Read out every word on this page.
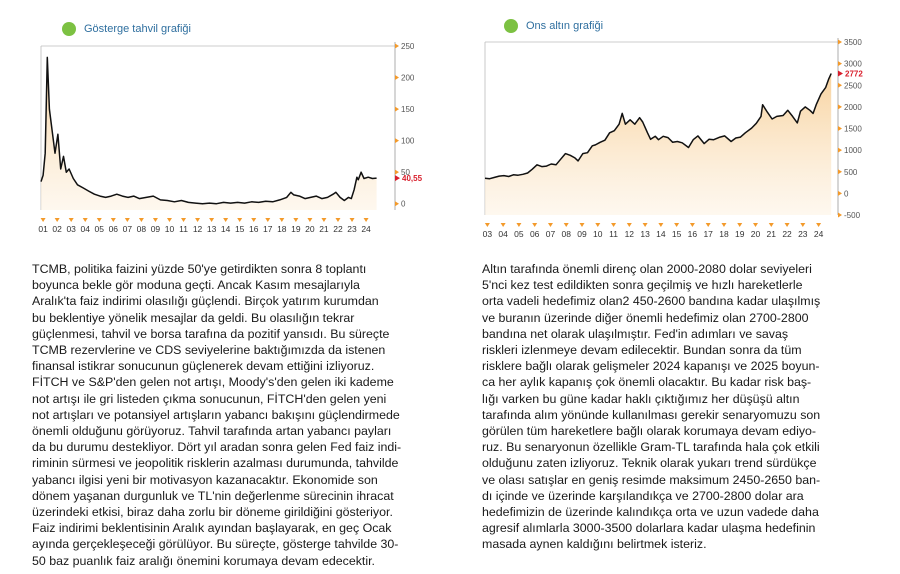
Gösterge tahvil grafiği
250
200
150
100
50
0
40,55
01 02 03 04 05 06 07 08 09 10 11 12 13 14 15 16 17 18 19 20 21 22 23 24

TCMB, politika faizini yüzde 50'ye getirdikten sonra 8 toplantı
boyunca bekle gör moduna geçti. Ancak Kasım mesajlarıyla
Aralık'ta faiz indirimi olasılığı güçlendi. Birçok yatırım kurumdan
bu beklentiye yönelik mesajlar da geldi. Bu olasılığın tekrar
güçlenmesi, tahvil ve borsa tarafına da pozitif yansıdı. Bu süreçte
TCMB rezervlerine ve CDS seviyelerine baktığımızda da istenen
finansal istikrar sonucunun güçlenerek devam ettiğini izliyoruz.
FİTCH ve S&P'den gelen not artışı, Moody's'den gelen iki kademe
not artışı ile gri listeden çıkma sonucunun, FİTCH'den gelen yeni
not artışları ve potansiyel artışların yabancı bakışını güçlendirmede
önemli olduğunu görüyoruz. Tahvil tarafında artan yabancı payları
da bu durumu destekliyor. Dört yıl aradan sonra gelen Fed faiz indi-
riminin sürmesi ve jeopolitik risklerin azalması durumunda, tahvilde
yabancı ilgisi yeni bir motivasyon kazanacaktır. Ekonomide son
dönem yaşanan durgunluk ve TL'nin değerlenme sürecinin ihracat
üzerindeki etkisi, biraz daha zorlu bir döneme girildiğini gösteriyor.
Faiz indirimi beklentisinin Aralık ayından başlayarak, en geç Ocak
ayında gerçekleşeceği görülüyor. Bu süreçte, gösterge tahvilde 30-
50 baz puanlık faiz aralığı önemini korumaya devam edecektir.

Ons altın grafiği
3500
3000
2500
2000
1500
1000
500
0
-500
2772
03 04 05 06 07 08 09 10 11 12 13 14 15 16 17 18 19 20 21 22 23 24

Altın tarafında önemli direnç olan 2000-2080 dolar seviyeleri
5'nci kez test edildikten sonra geçilmiş ve hızlı hareketlerle
orta vadeli hedefimiz olan2 450-2600 bandına kadar ulaşılmış
ve buranın üzerinde diğer önemli hedefimiz olan 2700-2800
bandına net olarak ulaşılmıştır. Fed'in adımları ve savaş
riskleri izlenmeye devam edilecektir. Bundan sonra da tüm
risklere bağlı olarak gelişmeler 2024 kapanışı ve 2025 boyun-
ca her aylık kapanış çok önemli olacaktır. Bu kadar risk baş-
lığı varken bu güne kadar haklı çıktığımız her düşüşü altın
tarafında alım yönünde kullanılması gerekir senaryomuzu son
görülen tüm hareketlere bağlı olarak korumaya devam ediyo-
ruz. Bu senaryonun özellikle Gram-TL tarafında hala çok etkili
olduğunu zaten izliyoruz. Teknik olarak yukarı trend sürdükçe
ve olası satışlar en geniş resimde maksimum 2450-2650 ban-
dı içinde ve üzerinde karşılandıkça ve 2700-2800 dolar ara
hedefimizin de üzerinde kalındıkça orta ve uzun vadede daha
agresif alımlarla 3000-3500 dolarlara kadar ulaşma hedefinin
masada aynen kaldığını belirtmek isteriz.
